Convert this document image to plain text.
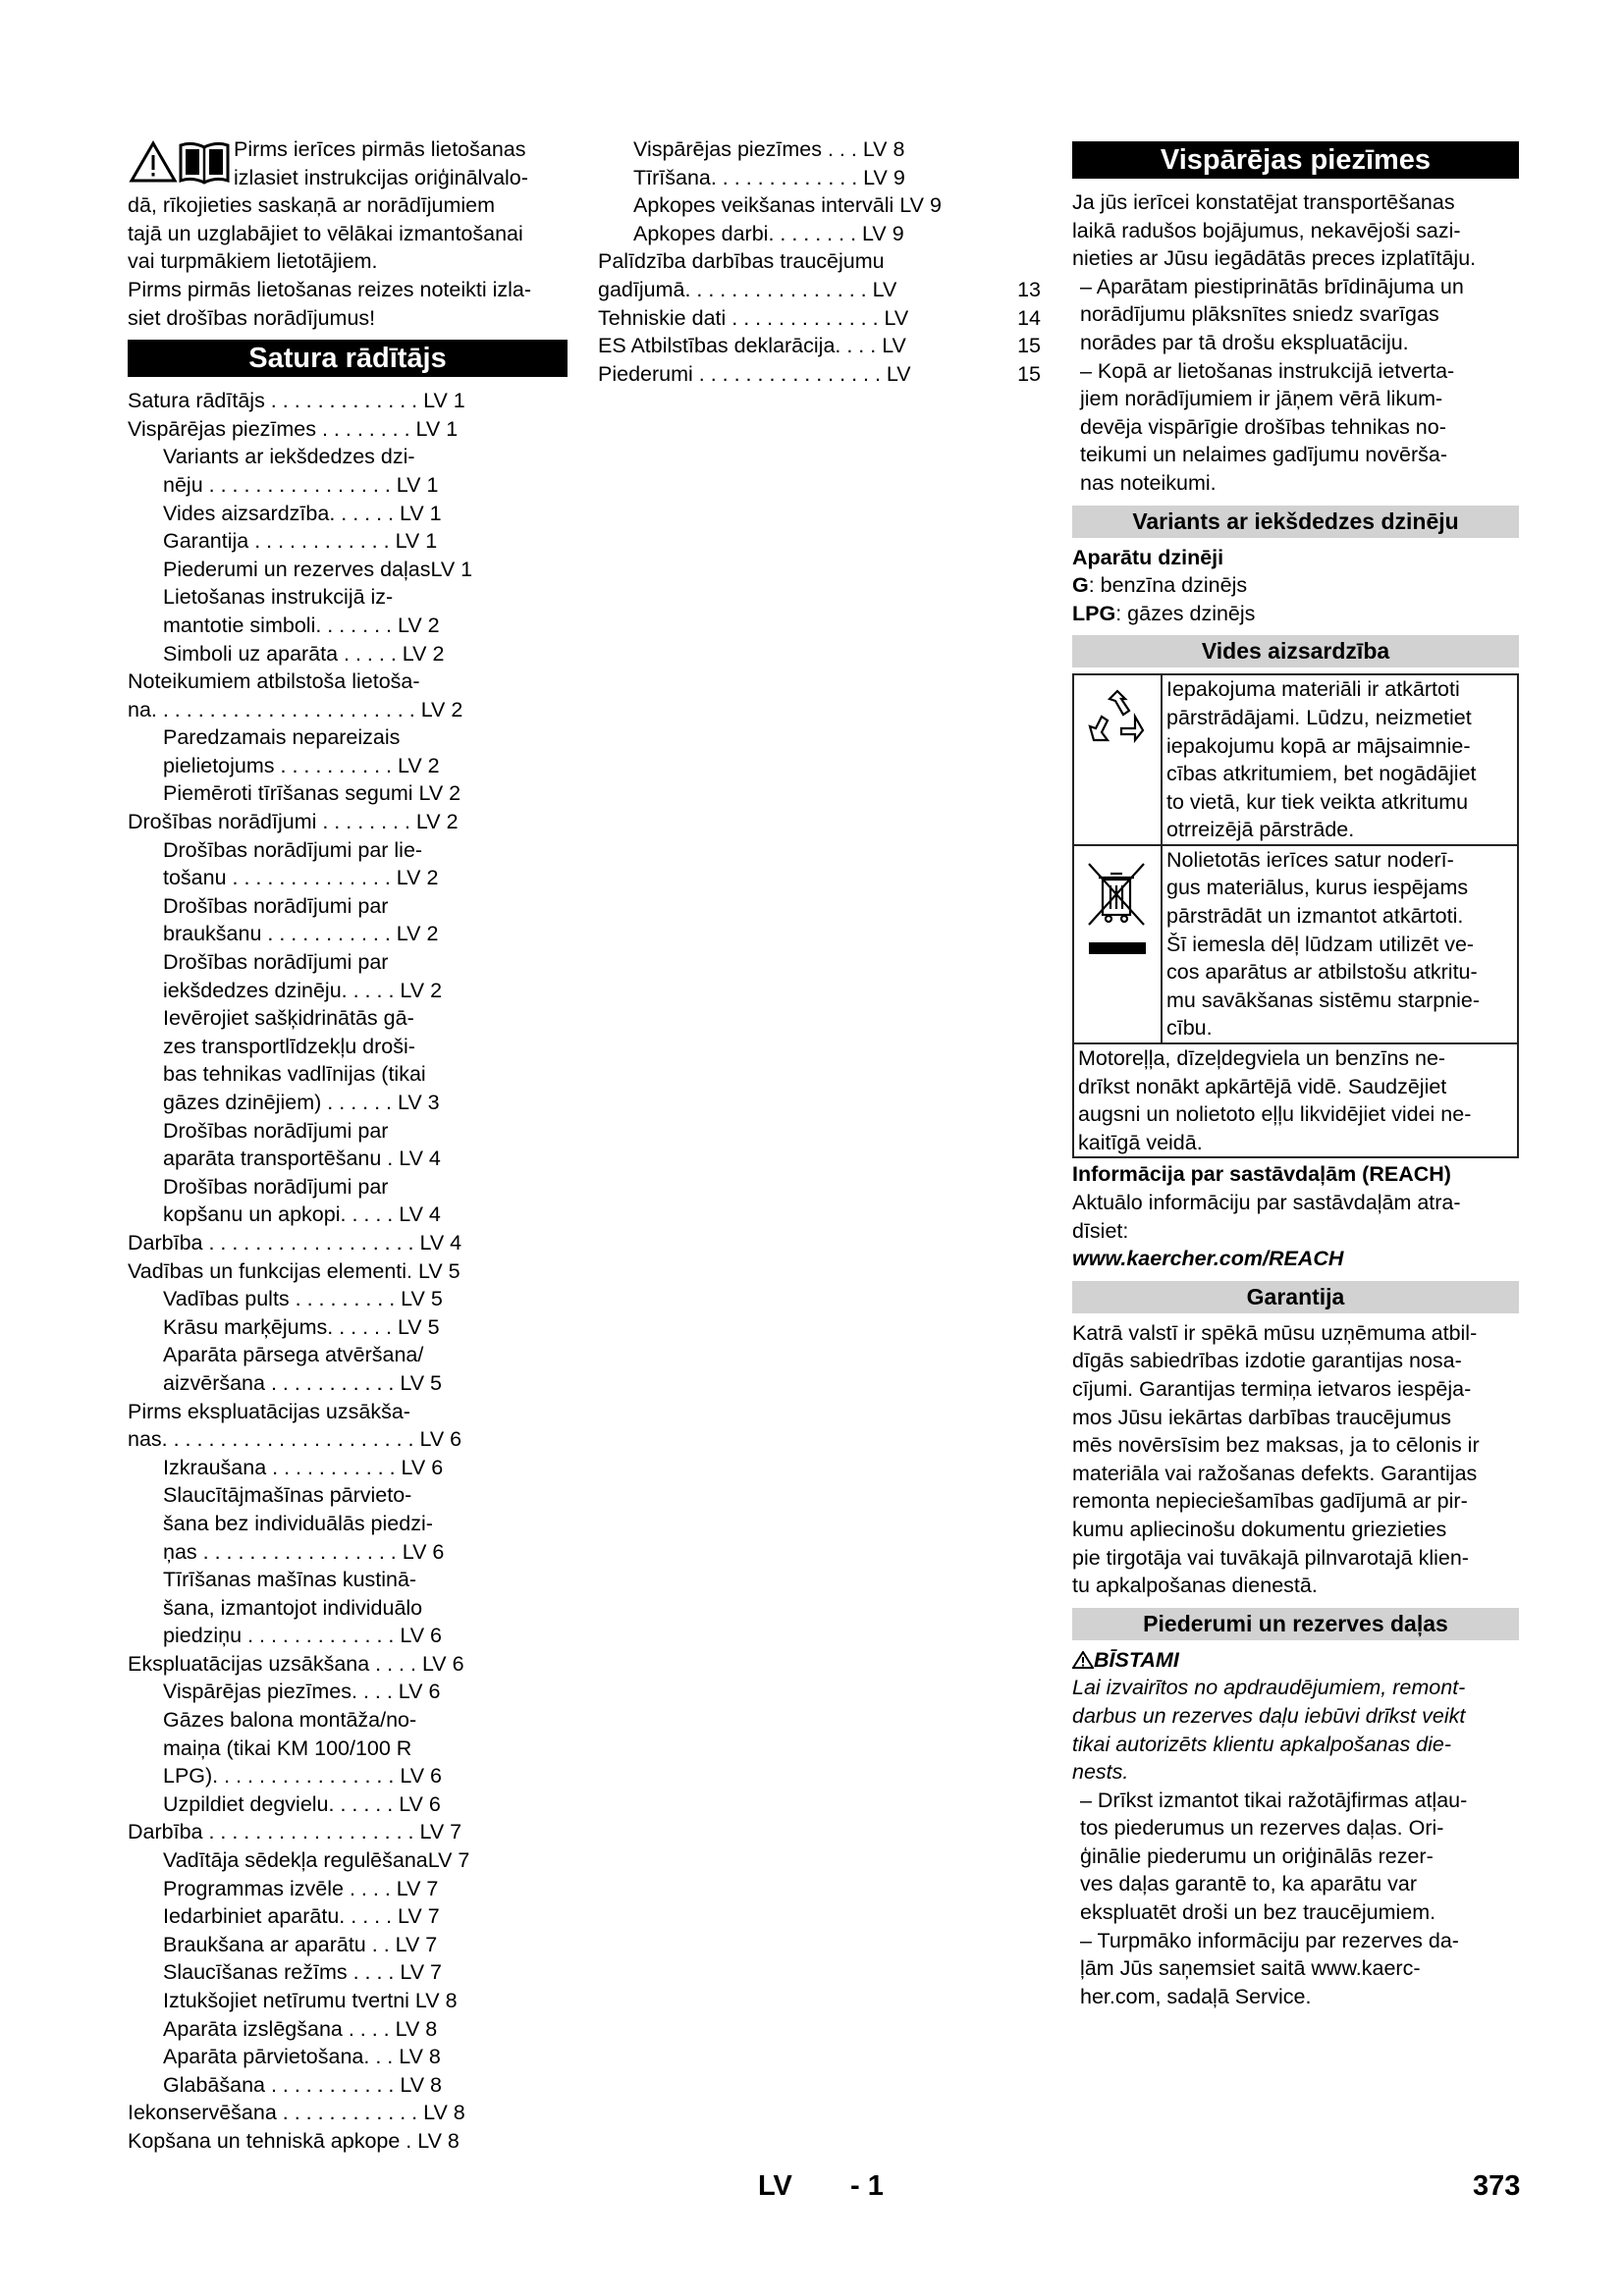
Pirms ierīces pirmās lietošanas
izlasiet instrukcijas oriģinālvalo-
dā, rīkojieties saskaņā ar norādījumiem
tajā un uzglabājiet to vēlākai izmantošanai
vai turpmākiem lietotājiem.
Pirms pirmās lietošanas reizes noteikti izla-
siet drošības norādījumus!
Satura rādītājs
Satura rādītājs . . . . . . . . . . . . . LV 1
Vispārējas piezīmes . . . . . . . . LV 1
Variants ar iekšdedzes dzi-
nēju . . . . . . . . . . . . . . . . LV 1
Vides aizsardzība. . . . . . LV 1
Garantija . . . . . . . . . . . . LV 1
Piederumi un rezerves daļasLV 1
Lietošanas instrukcijā iz-
mantotie simboli. . . . . . . LV 2
Simboli uz aparāta . . . . . LV 2
Noteikumiem atbilstoša lietoša-
na. . . . . . . . . . . . . . . . . . . . . . . LV 2
Paredzamais nepareizais
pielietojums . . . . . . . . . . LV 2
Piemēroti tīrīšanas segumi LV 2
Drošības norādījumi . . . . . . . . LV 2
Drošības norādījumi par lie-
tošanu . . . . . . . . . . . . . . LV 2
Drošības norādījumi par
braukšanu . . . . . . . . . . . LV 2
Drošības norādījumi par
iekšdedzes dzinēju. . . . . LV 2
Ievērojiet sašķidrinātās gā-
zes transportlīdzekļu droši-
bas tehnikas vadlīnijas (tikai
gāzes dzinējiem) . . . . . . LV 3
Drošības norādījumi par
aparāta transportēšanu . LV 4
Drošības norādījumi par
kopšanu un apkopi. . . . . LV 4
Darbība . . . . . . . . . . . . . . . . . . LV 4
Vadības un funkcijas elementi. LV 5
Vadības pults . . . . . . . . . LV 5
Krāsu marķējums. . . . . . LV 5
Aparāta pārsega atvēršana/
aizvēršana . . . . . . . . . . . LV 5
Pirms ekspluatācijas uzsākša-
nas. . . . . . . . . . . . . . . . . . . . . . LV 6
Izkraušana . . . . . . . . . . . LV 6
Slaucītājmašīnas pārvieto-
šana bez individuālās piedzi-
ņas . . . . . . . . . . . . . . . . . LV 6
Tīrīšanas mašīnas kustinā-
šana, izmantojot individuālo
piedziņu . . . . . . . . . . . . . LV 6
Ekspluatācijas uzsākšana . . . . LV 6
Vispārējas piezīmes. . . . LV 6
Gāzes balona montāža/no-
maiņa (tikai KM 100/100 R
LPG). . . . . . . . . . . . . . . . LV 6
Uzpildiet degvielu. . . . . . LV 6
Darbība . . . . . . . . . . . . . . . . . . LV 7
Vadītāja sēdekļa regulēšanaLV 7
Programmas izvēle . . . . LV 7
Iedarbiniet aparātu. . . . . LV 7
Braukšana ar aparātu . . LV 7
Slaucīšanas režīms . . . . LV 7
Iztukšojiet netīrumu tvertni LV 8
Aparāta izslēgšana . . . . LV 8
Aparāta pārvietošana. . . LV 8
Glabāšana . . . . . . . . . . . LV 8
Iekonservēšana . . . . . . . . . . . . LV 8
Kopšana un tehniskā apkope . LV 8
Vispārējas piezīmes . . . LV 8
Tīrīšana. . . . . . . . . . . . . LV 9
Apkopes veikšanas intervāli LV 9
Apkopes darbi. . . . . . . . LV 9
Palīdzība darbības traucējumu
gadījumā. . . . . . . . . . . . . . . . LV	13
Tehniskie dati . . . . . . . . . . . . . LV	14
ES Atbilstības deklarācija. . . . LV	15
Piederumi . . . . . . . . . . . . . . . . LV	15
Vispārējas piezīmes
Ja jūs ierīcei konstatējat transportēšanas
laikā radušos bojājumus, nekavējoši sazi-
nieties ar Jūsu iegādātās preces izplatītāju.
– Aparātam piestiprinātās brīdinājuma un
norādījumu plāksnītes sniedz svarīgas
norādes par tā drošu ekspluatāciju.
– Kopā ar lietošanas instrukcijā ietverta-
jiem norādījumiem ir jāņem vērā likum-
devēja vispārīgie drošības tehnikas no-
teikumi un nelaimes gadījumu novērša-
nas noteikumi.
Variants ar iekšdedzes dzinēju

Aparātu dzinēji

G: benzīna dzinējs

LPG: gāzes dzinējs

Vides aizsardzība
Iepakojuma materiāli ir atkārtoti
pārstrādājami. Lūdzu, neizmetiet
iepakojumu kopā ar mājsaimnie-
cības atkritumiem, bet nogādājiet
to vietā, kur tiek veikta atkritumu
otrreizējā pārstrāde.
Nolietotās ierīces satur noderī-
gus materiālus, kurus iespējams
pārstrādāt un izmantot atkārtoti.
Šī iemesla dēļ lūdzam utilizēt ve-
cos aparātus ar atbilstošu atkritu-
mu savākšanas sistēmu starpnie-
cību.
Motoreļļa, dīzeļdegviela un benzīns ne-
drīkst nonākt apkārtējā vidē. Saudzējiet
augsni un nolietoto eļļu likvidējiet videi ne-
kaitīgā veidā.

Informācija par sastāvdaļām (REACH)

Aktuālo informāciju par sastāvdaļām atra-
dīsiet:

www.kaercher.com/REACH

Garantija
Katrā valstī ir spēkā mūsu uzņēmuma atbil-
dīgās sabiedrības izdotie garantijas nosa-
cījumi. Garantijas termiņa ietvaros iespēja-
mos Jūsu iekārtas darbības traucējumus
mēs novērsīsim bez maksas, ja to cēlonis ir
materiāla vai ražošanas defekts. Garantijas
remonta nepieciešamības gadījumā ar pir-
kumu apliecinošu dokumentu griezieties
pie tirgotāja vai tuvākajā pilnvarotajā klien-
tu apkalpošanas dienestā.
Piederumi un rezerves daļas

BĪSTAMI

Lai izvairītos no apdraudējumiem, remont-
darbus un rezerves daļu iebūvi drīkst veikt
tikai autorizēts klientu apkalpošanas die-
nests.
– Drīkst izmantot tikai ražotājfirmas atļau-
tos piederumus un rezerves daļas. Ori-
ģinālie piederumu un oriģinālās rezer-
ves daļas garantē to, ka aparātu var
ekspluatēt droši un bez traucējumiem.
– Turpmāko informāciju par rezerves da-
ļām Jūs saņemsiet saitā www.kaerc-
her.com, sadaļā Service.
LV - 1	373
